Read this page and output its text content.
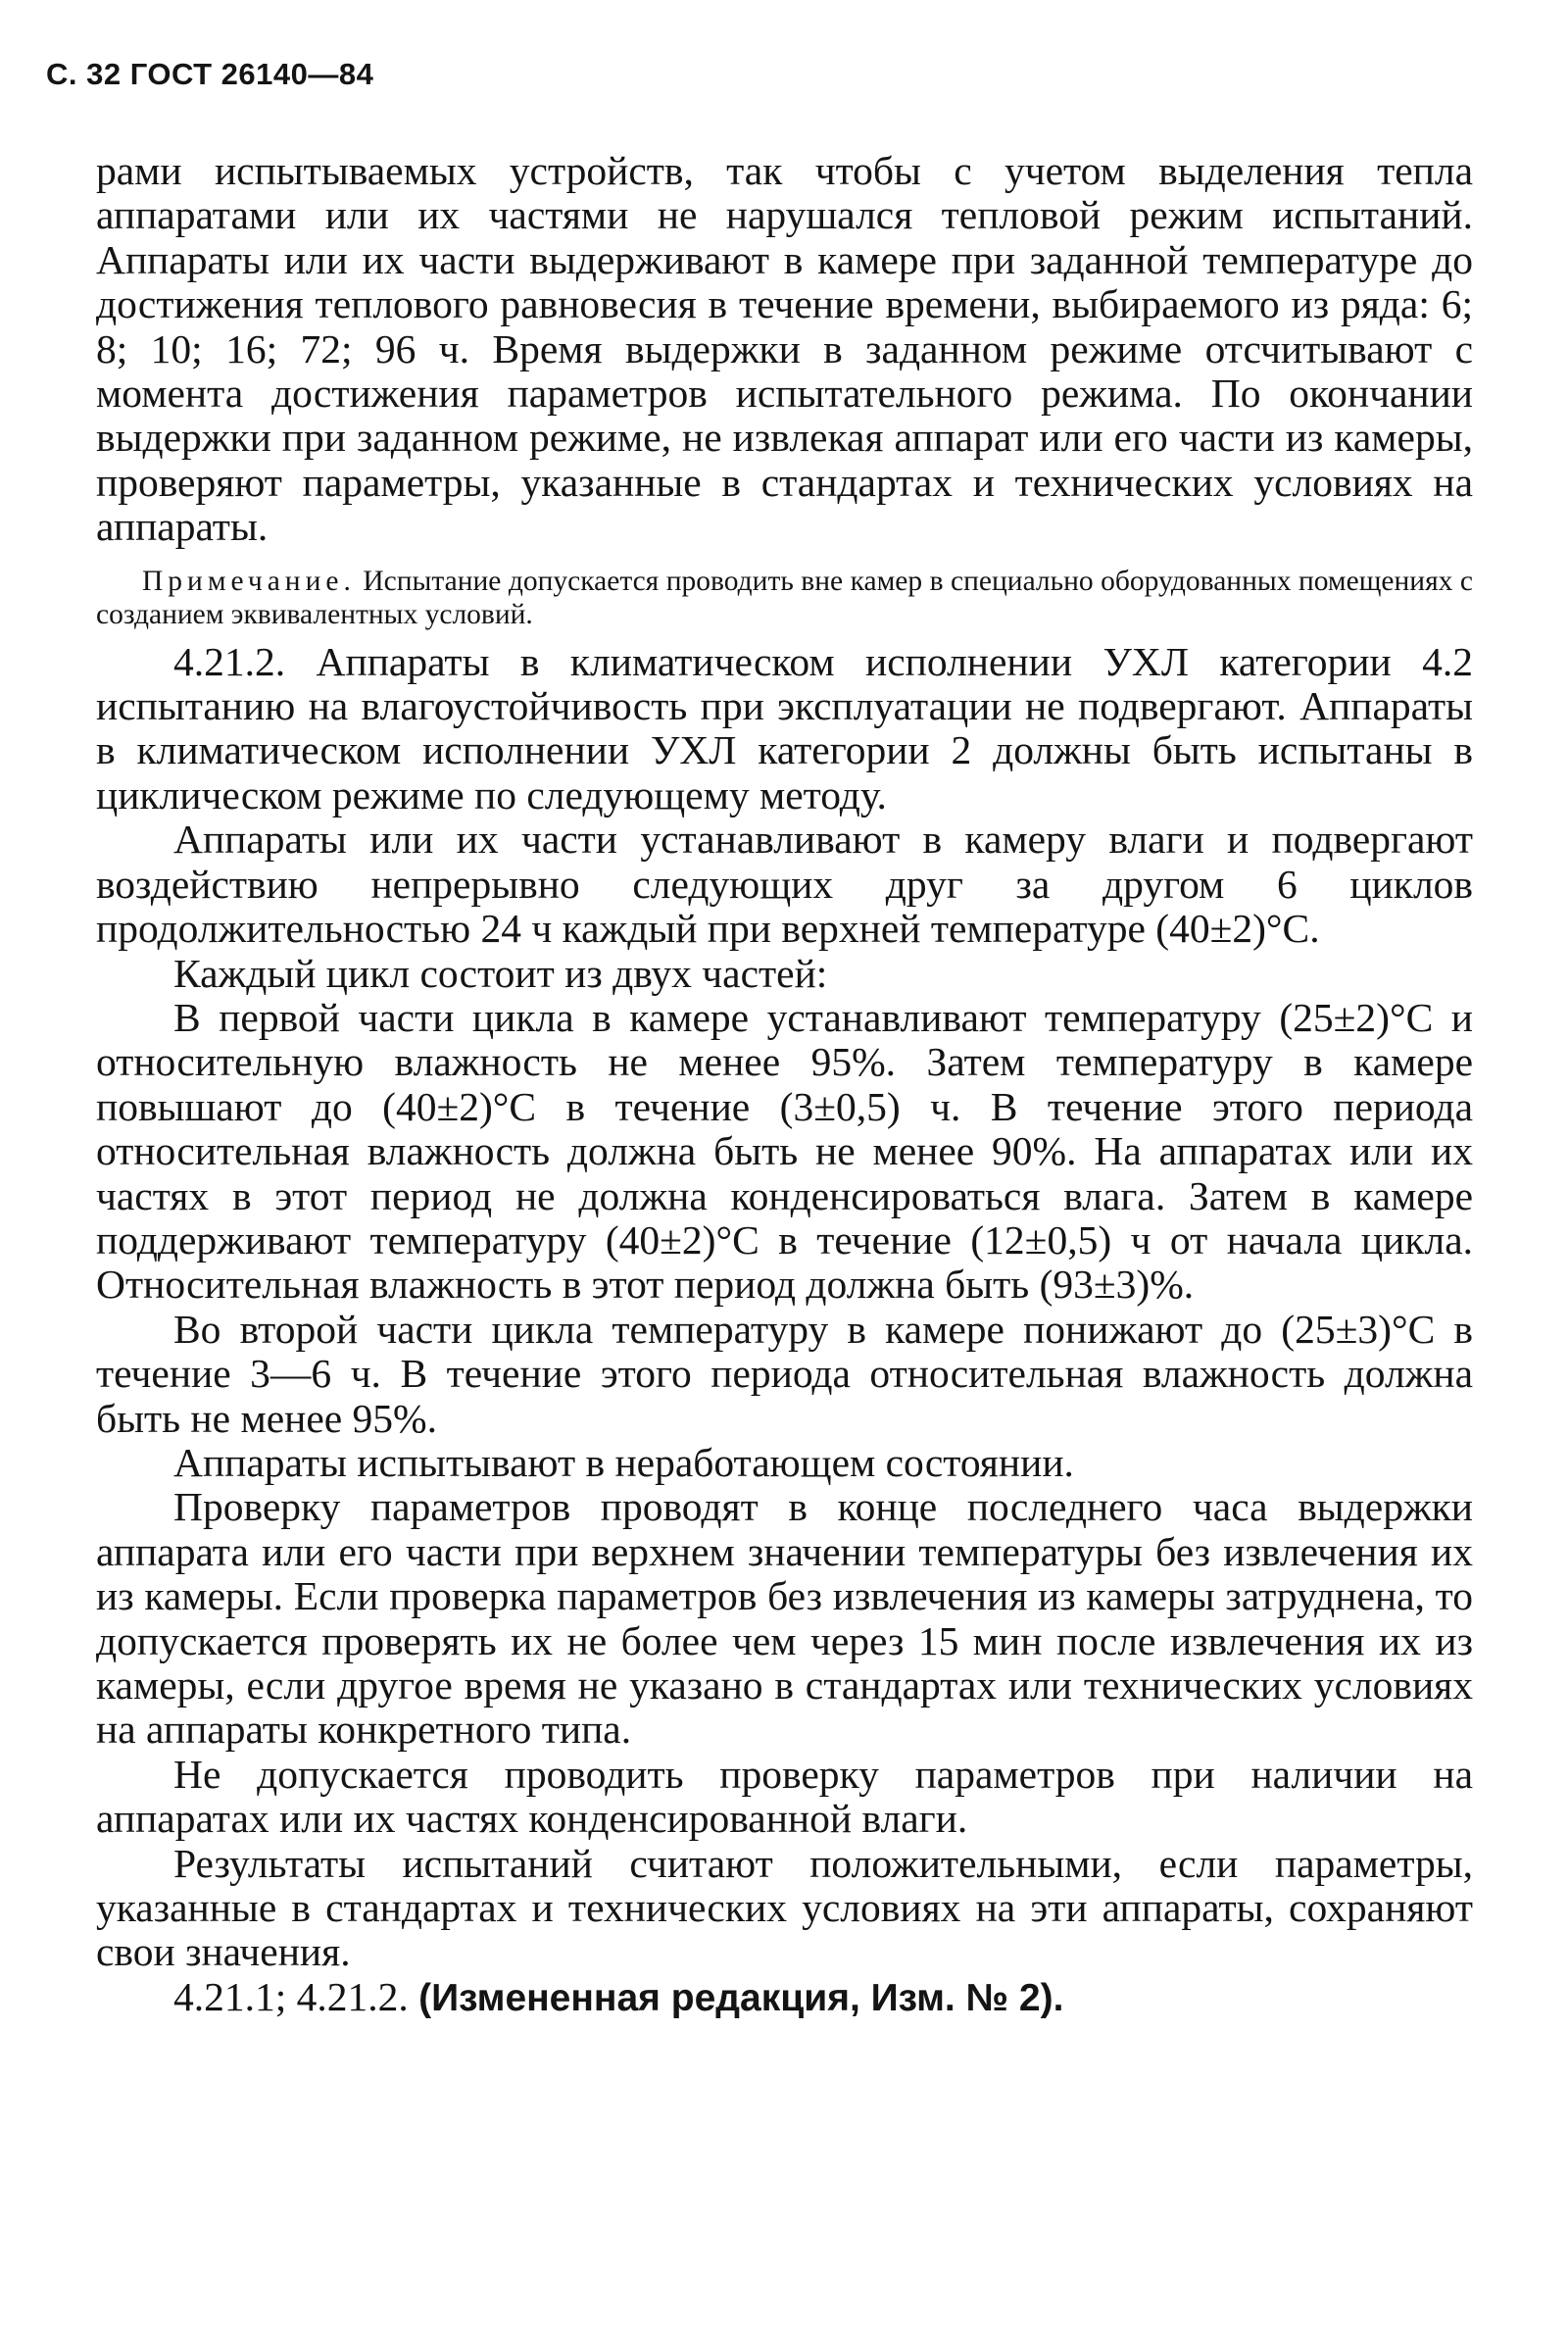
С. 32 ГОСТ 26140—84

рами испытываемых устройств, так чтобы с учетом выделения тепла аппаратами или их частями не нарушался тепловой режим испытаний. Аппараты или их части выдерживают в камере при заданной температуре до достижения теплового равновесия в течение времени, выбираемого из ряда: 6; 8; 10; 16; 72; 96 ч. Время выдержки в заданном режиме отсчитывают с момента достижения параметров испытательного режима. По окончании выдержки при заданном режиме, не извлекая аппарат или его части из камеры, проверяют параметры, указанные в стандартах и технических условиях на аппараты.

Примечание. Испытание допускается проводить вне камер в специально оборудованных помещениях с созданием эквивалентных условий.

4.21.2. Аппараты в климатическом исполнении УХЛ категории 4.2 испытанию на влагоустойчивость при эксплуатации не подвергают. Аппараты в климатическом исполнении УХЛ категории 2 должны быть испытаны в циклическом режиме по следующему методу.

Аппараты или их части устанавливают в камеру влаги и подвергают воздействию непрерывно следующих друг за другом 6 циклов продолжительностью 24 ч каждый при верхней температуре (40±2)°С.

Каждый цикл состоит из двух частей:

В первой части цикла в камере устанавливают температуру (25±2)°С и относительную влажность не менее 95%. Затем температуру в камере повышают до (40±2)°С в течение (3±0,5) ч. В течение этого периода относительная влажность должна быть не менее 90%. На аппаратах или их частях в этот период не должна конденсироваться влага. Затем в камере поддерживают температуру (40±2)°С в течение (12±0,5) ч от начала цикла. Относительная влажность в этот период должна быть (93±3)%.

Во второй части цикла температуру в камере понижают до (25±3)°С в течение 3—6 ч. В течение этого периода относительная влажность должна быть не менее 95%.

Аппараты испытывают в неработающем состоянии.

Проверку параметров проводят в конце последнего часа выдержки аппарата или его части при верхнем значении температуры без извлечения их из камеры. Если проверка параметров без извлечения из камеры затруднена, то допускается проверять их не более чем через 15 мин после извлечения их из камеры, если другое время не указано в стандартах или технических условиях на аппараты конкретного типа.

Не допускается проводить проверку параметров при наличии на аппаратах или их частях конденсированной влаги.

Результаты испытаний считают положительными, если параметры, указанные в стандартах и технических условиях на эти аппараты, сохраняют свои значения.

4.21.1; 4.21.2. (Измененная редакция, Изм. № 2).
